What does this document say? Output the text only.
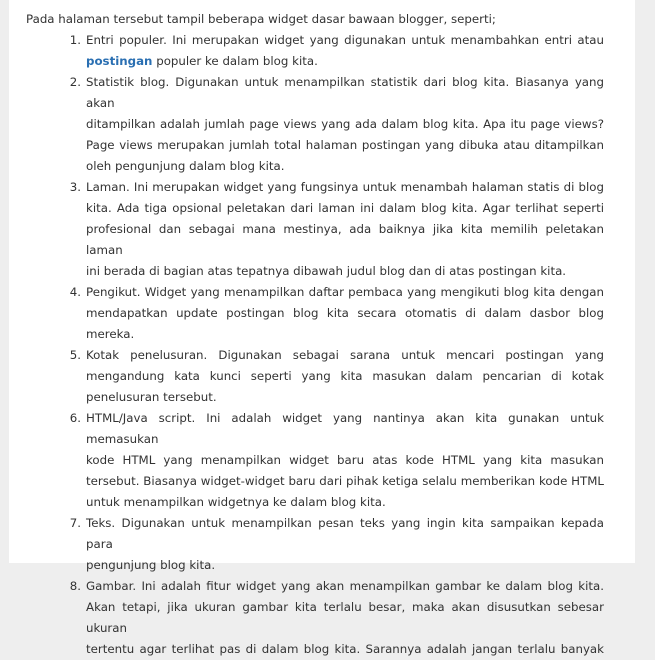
Pada halaman tersebut tampil beberapa widget dasar bawaan blogger, seperti;

1. Entri populer. Ini merupakan widget yang digunakan untuk menambahkan entri atau
postingan populer ke dalam blog kita.
2. Statistik blog. Digunakan untuk menampilkan statistik dari blog kita. Biasanya yang akan
ditampilkan adalah jumlah page views yang ada dalam blog kita. Apa itu page views?
Page views merupakan jumlah total halaman postingan yang dibuka atau ditampilkan
oleh pengunjung dalam blog kita.
3. Laman. Ini merupakan widget yang fungsinya untuk menambah halaman statis di blog
kita. Ada tiga opsional peletakan dari laman ini dalam blog kita. Agar terlihat seperti
profesional dan sebagai mana mestinya, ada baiknya jika kita memilih peletakan laman
ini berada di bagian atas tepatnya dibawah judul blog dan di atas postingan kita.
4. Pengikut. Widget yang menampilkan daftar pembaca yang mengikuti blog kita dengan
mendapatkan update postingan blog kita secara otomatis di dalam dasbor blog
mereka.
5. Kotak penelusuran. Digunakan sebagai sarana untuk mencari postingan yang
mengandung kata kunci seperti yang kita masukan dalam pencarian di kotak
penelusuran tersebut.
6. HTML/Java script. Ini adalah widget yang nantinya akan kita gunakan untuk memasukan
kode HTML yang menampilkan widget baru atas kode HTML yang kita masukan
tersebut. Biasanya widget-widget baru dari pihak ketiga selalu memberikan kode HTML
untuk menampilkan widgetnya ke dalam blog kita.
7. Teks. Digunakan untuk menampilkan pesan teks yang ingin kita sampaikan kepada para
pengunjung blog kita.
8. Gambar. Ini adalah fitur widget yang akan menampilkan gambar ke dalam blog kita.
Akan tetapi, jika ukuran gambar kita terlalu besar, maka akan disusutkan sebesar ukuran
tertentu agar terlihat pas di dalam blog kita. Sarannya adalah jangan terlalu banyak
